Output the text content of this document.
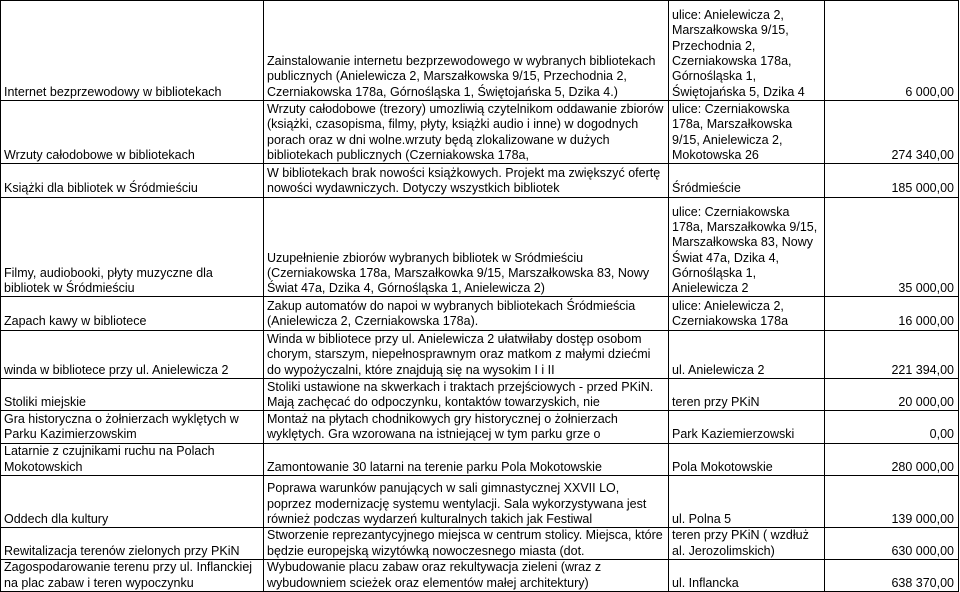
Internet bezprzewodowy w bibliotekach	Zainstalowanie internetu bezprzewodowego w wybranych bibliotekach publicznych (Anielewicza 2, Marszałkowska 9/15, Przechodnia 2, Czerniakowska 178a, Górnośląska 1, Świętojańska 5, Dzika 4.)	ulice: Anielewicza 2, Marszałkowska 9/15, Przechodnia 2, Czerniakowska 178a, Górnośląska 1, Świętojańska 5, Dzika 4	6 000,00
Wrzuty całodobowe w bibliotekach	Wrzuty całodobowe (trezory) umozliwią czytelnikom oddawanie zbiorów (książki, czasopisma, filmy, płyty, książki audio i inne) w dogodnych porach oraz w dni wolne.wrzuty będą zlokalizowane w dużych bibliotekach publicznych (Czerniakowska 178a,	ulice: Czerniakowska 178a, Marszałkowska 9/15, Anielewicza 2, Mokotowska 26	274 340,00
Książki dla bibliotek w Śródmieściu	W bibliotekach brak nowości książkowych. Projekt ma zwiększyć ofertę nowości wydawniczych. Dotyczy wszystkich bibliotek	Śródmieście	185 000,00
Filmy, audiobooki, płyty muzyczne dla bibliotek w Śródmieściu	Uzupełnienie zbiorów wybranych bibliotek w Sródmieściu (Czerniakowska 178a, Marszałkowka 9/15, Marszałkowska 83, Nowy Świat 47a, Dzika 4, Górnośląska 1, Anielewicza 2)	ulice: Czerniakowska 178a, Marszałkowka 9/15, Marszałkowska 83, Nowy Świat 47a, Dzika 4, Górnośląska 1, Anielewicza 2	35 000,00
Zapach kawy w bibliotece	Zakup automatów do napoi w wybranych bibliotekach Śródmieścia (Anielewicza 2, Czerniakowska 178a).	ulice: Anielewicza 2, Czerniakowska 178a	16 000,00
winda w bibliotece przy ul. Anielewicza 2	Winda w bibliotece przy ul. Anielewicza 2 ułatwiłaby dostęp osobom chorym, starszym, niepełnosprawnym oraz matkom z małymi dziećmi do wypożyczalni, które znajdują się na wysokim I i II	ul. Anielewicza 2	221 394,00
Stoliki miejskie	Stoliki ustawione na skwerkach i traktach przejściowych - przed PKiN. Mają zachęcać do odpoczynku, kontaktów towarzyskich, nie	teren przy PKiN	20 000,00
Gra historyczna o żołnierzach wyklętych w Parku Kazimierzowskim	Montaż na płytach chodnikowych gry historycznej o żołnierzach wyklętych. Gra wzorowana na istniejącej w tym parku grze o	Park Kaziemierzowski	0,00
Latarnie z czujnikami ruchu na Polach Mokotowskich	Zamontowanie 30 latarni na terenie parku Pola Mokotowskie	Pola Mokotowskie	280 000,00
Oddech dla kultury	Poprawa warunków panujących w sali gimnastycznej XXVII LO, poprzez modernizację systemu wentylacji. Sala wykorzystywana jest również podczas wydarzeń kulturalnych takich jak Festiwal	ul. Polna 5	139 000,00
Rewitalizacja terenów zielonych przy PKiN	Stworzenie reprezantycyjnego miejsca w centrum stolicy. Miejsca, które będzie europejską wizytówką nowoczesnego miasta (dot.	teren przy PKiN ( wzdłuż al. Jerozolimskich)	630 000,00
Zagospodarowanie terenu przy ul. Inflanckiej na plac zabaw i teren wypoczynku	Wybudowanie placu zabaw oraz rekultywacja zieleni (wraz z wybudowniem scieżek oraz elementów małej architektury)	ul. Inflancka	638 370,00
